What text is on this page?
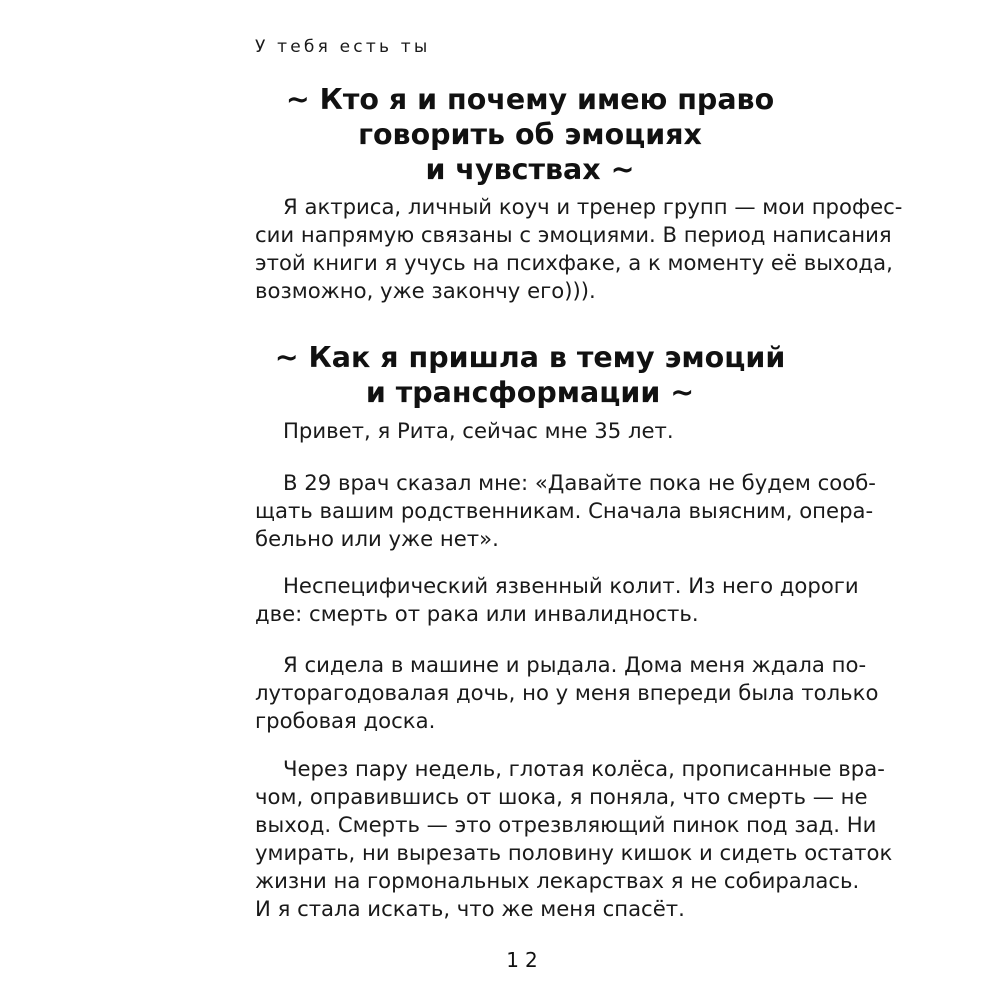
У тебя есть ты
~ Кто я и почему имею право
говорить об эмоциях
и чувствах ~

Я актриса, личный коуч и тренер групп — мои профес-
сии напрямую связаны с эмоциями. В период написания
этой книги я учусь на психфаке, а к моменту её выхода,
возможно, уже закончу его))).

~ Как я пришла в тему эмоций
и трансформации ~

Привет, я Рита, сейчас мне 35 лет.

В 29 врач сказал мне: «Давайте пока не будем сооб-
щать вашим родственникам. Сначала выясним, опера-
бельно или уже нет».

Неспецифический язвенный колит. Из него дороги
две: смерть от рака или инвалидность.

Я сидела в машине и рыдала. Дома меня ждала по-
луторагодовалая дочь, но у меня впереди была только
гробовая доска.

Через пару недель, глотая колёса, прописанные вра-
чом, оправившись от шока, я поняла, что смерть — не
выход. Смерть — это отрезвляющий пинок под зад. Ни
умирать, ни вырезать половину кишок и сидеть остаток
жизни на гормональных лекарствах я не собиралась.
И я стала искать, что же меня спасёт.

12
